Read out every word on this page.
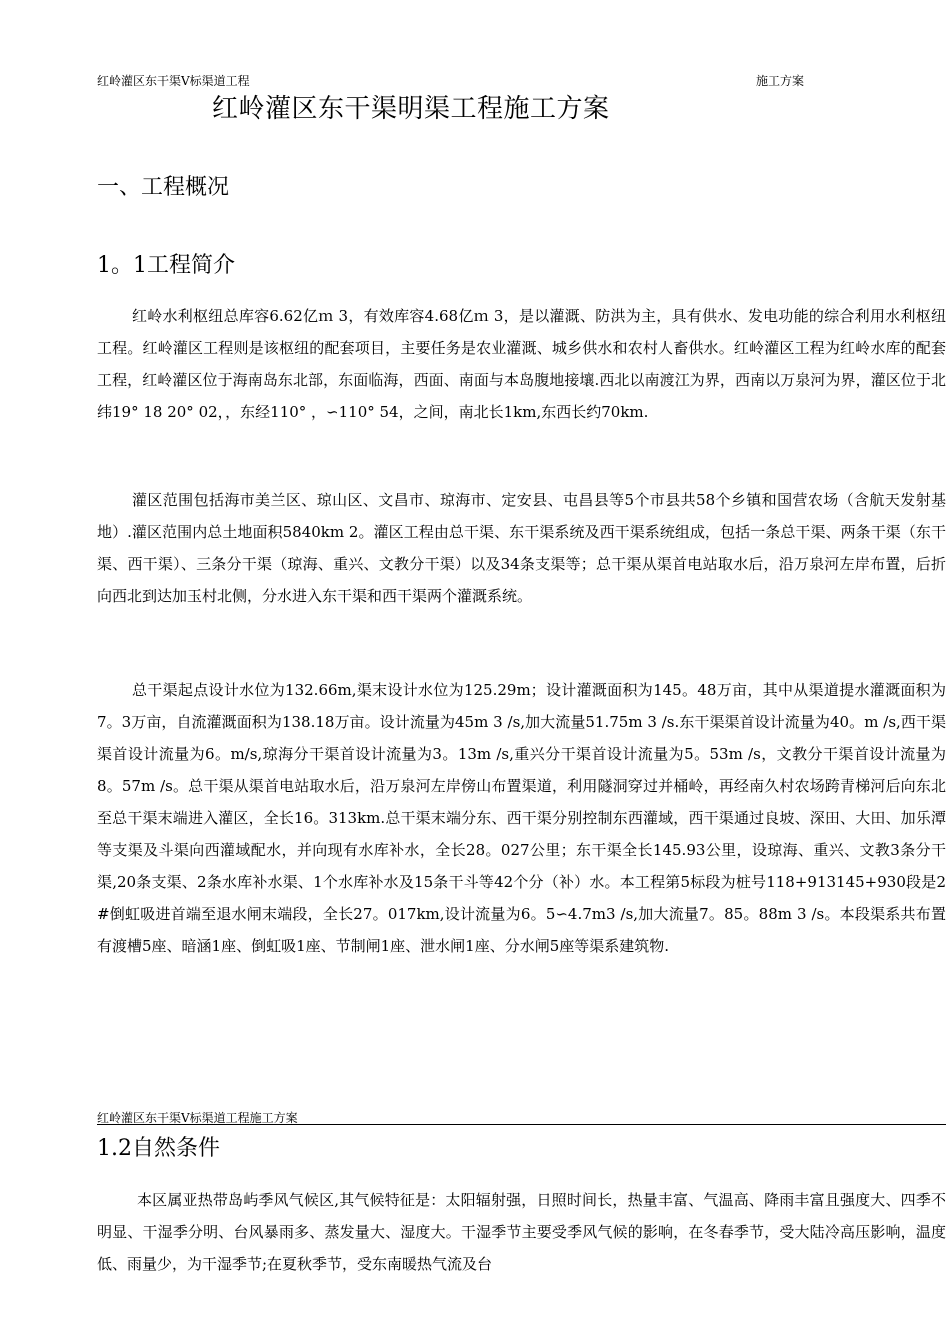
红岭灌区东干渠Ⅴ标渠道工程	施工方案
红岭灌区东干渠明渠工程施工方案
一、工程概况
1。1工程简介

红岭水利枢纽总库容6.62亿ｍ 3，有效库容4.68亿ｍ 3，是以灌溉、防洪为主，具有供水、发电功能的综合利用水利枢纽工程。红岭灌区工程则是该枢纽的配套项目，主要任务是农业灌溉、城乡供水和农村人畜供水。红岭灌区工程为红岭水库的配套工程，红岭灌区位于海南岛东北部，东面临海，西面、南面与本岛腹地接壤.西北以南渡江为界，西南以万泉河为界，灌区位于北纬19° 18 20° 02，，东经110° ，∽110° 54，之间，南北长1km,东西长约70km.

灌区范围包括海市美兰区、琼山区、文昌市、琼海市、定安县、屯昌县等5个市县共58个乡镇和国营农场（含航天发射基地）.灌区范围内总土地面积5840km 2。灌区工程由总干渠、东干渠系统及西干渠系统组成，包括一条总干渠、两条干渠（东干渠、西干渠）、三条分干渠（琼海、重兴、文教分干渠）以及34条支渠等；总干渠从渠首电站取水后，沿万泉河左岸布置，后折向西北到达加玉村北侧，分水进入东干渠和西干渠两个灌溉系统。

总干渠起点设计水位为132.66m,渠末设计水位为125.29m；设计灌溉面积为145。48万亩，其中从渠道提水灌溉面积为7。3万亩，自流灌溉面积为138.18万亩。设计流量为45m 3 /s,加大流量51.75m 3 /s.东干渠渠首设计流量为40。m /s,西干渠渠首设计流量为6。m/s,琼海分干渠首设计流量为3。13m /s,重兴分干渠首设计流量为5。53m /s，文教分干渠首设计流量为8。57m /s。总干渠从渠首电站取水后，沿万泉河左岸傍山布置渠道，利用隧洞穿过并桶岭，再经南久村农场跨青梯河后向东北至总干渠末端进入灌区，全长16。313km.总干渠末端分东、西干渠分别控制东西灌域，西干渠通过良坡、深田、大田、加乐潭等支渠及斗渠向西灌域配水，并向现有水库补水，全长28。027公里；东干渠全长145.93公里，设琼海、重兴、文教3条分干渠,20条支渠、2条水库补水渠、1个水库补水及15条干斗等42个分（补）水。本工程第5标段为桩号118+913145+930段是2 #倒虹吸进首端至退水闸末端段，全长27。017km,设计流量为6。5∽4.7m3 /s,加大流量7。85。88m 3 /s。本段渠系共布置有渡槽5座、暗涵1座、倒虹吸1座、节制闸1座、泄水闸1座、分水闸5座等渠系建筑物.

红岭灌区东干渠Ⅴ标渠道工程施工方案
1.2自然条件

本区属亚热带岛屿季风气候区,其气候特征是：太阳辐射强，日照时间长，热量丰富、气温高、降雨丰富且强度大、四季不明显、干湿季分明、台风暴雨多、蒸发量大、湿度大。干湿季节主要受季风气候的影响，在冬春季节，受大陆冷高压影响，温度低、雨量少，为干湿季节;在夏秋季节，受东南暖热气流及台
